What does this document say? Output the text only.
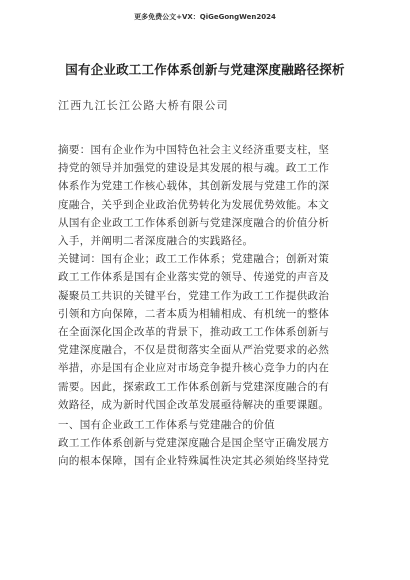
更多免费公文+VX：QiGeGongWen2024
国有企业政工工作体系创新与党建深度融路径探析
江西九江长江公路大桥有限公司

摘要：国有企业作为中国特色社会主义经济重要支柱，坚

持党的领导并加强党的建设是其发展的根与魂。政工工作

体系作为党建工作核心载体，其创新发展与党建工作的深

度融合，关乎到企业政治优势转化为发展优势效能。本文

从国有企业政工工作体系创新与党建深度融合的价值分析

入手，并阐明二者深度融合的实践路径。

关键词：国有企业；政工工作体系；党建融合；创新对策

政工工作体系是国有企业落实党的领导、传递党的声音及

凝聚员工共识的关键平台，党建工作为政工工作提供政治

引领和方向保障，二者本质为相辅相成、有机统一的整体

在全面深化国企改革的背景下，推动政工工作体系创新与

党建深度融合，不仅是贯彻落实全面从严治党要求的必然

举措，亦是国有企业应对市场竞争提升核心竞争力的内在

需要。因此，探索政工工作体系创新与党建深度融合的有

效路径，成为新时代国企改革发展亟待解决的重要课题。

一、国有企业政工工作体系与党建融合的价值

政工工作体系创新与党建深度融合是国企坚守正确发展方

向的根本保障，国有企业特殊属性决定其必须始终坚持党
